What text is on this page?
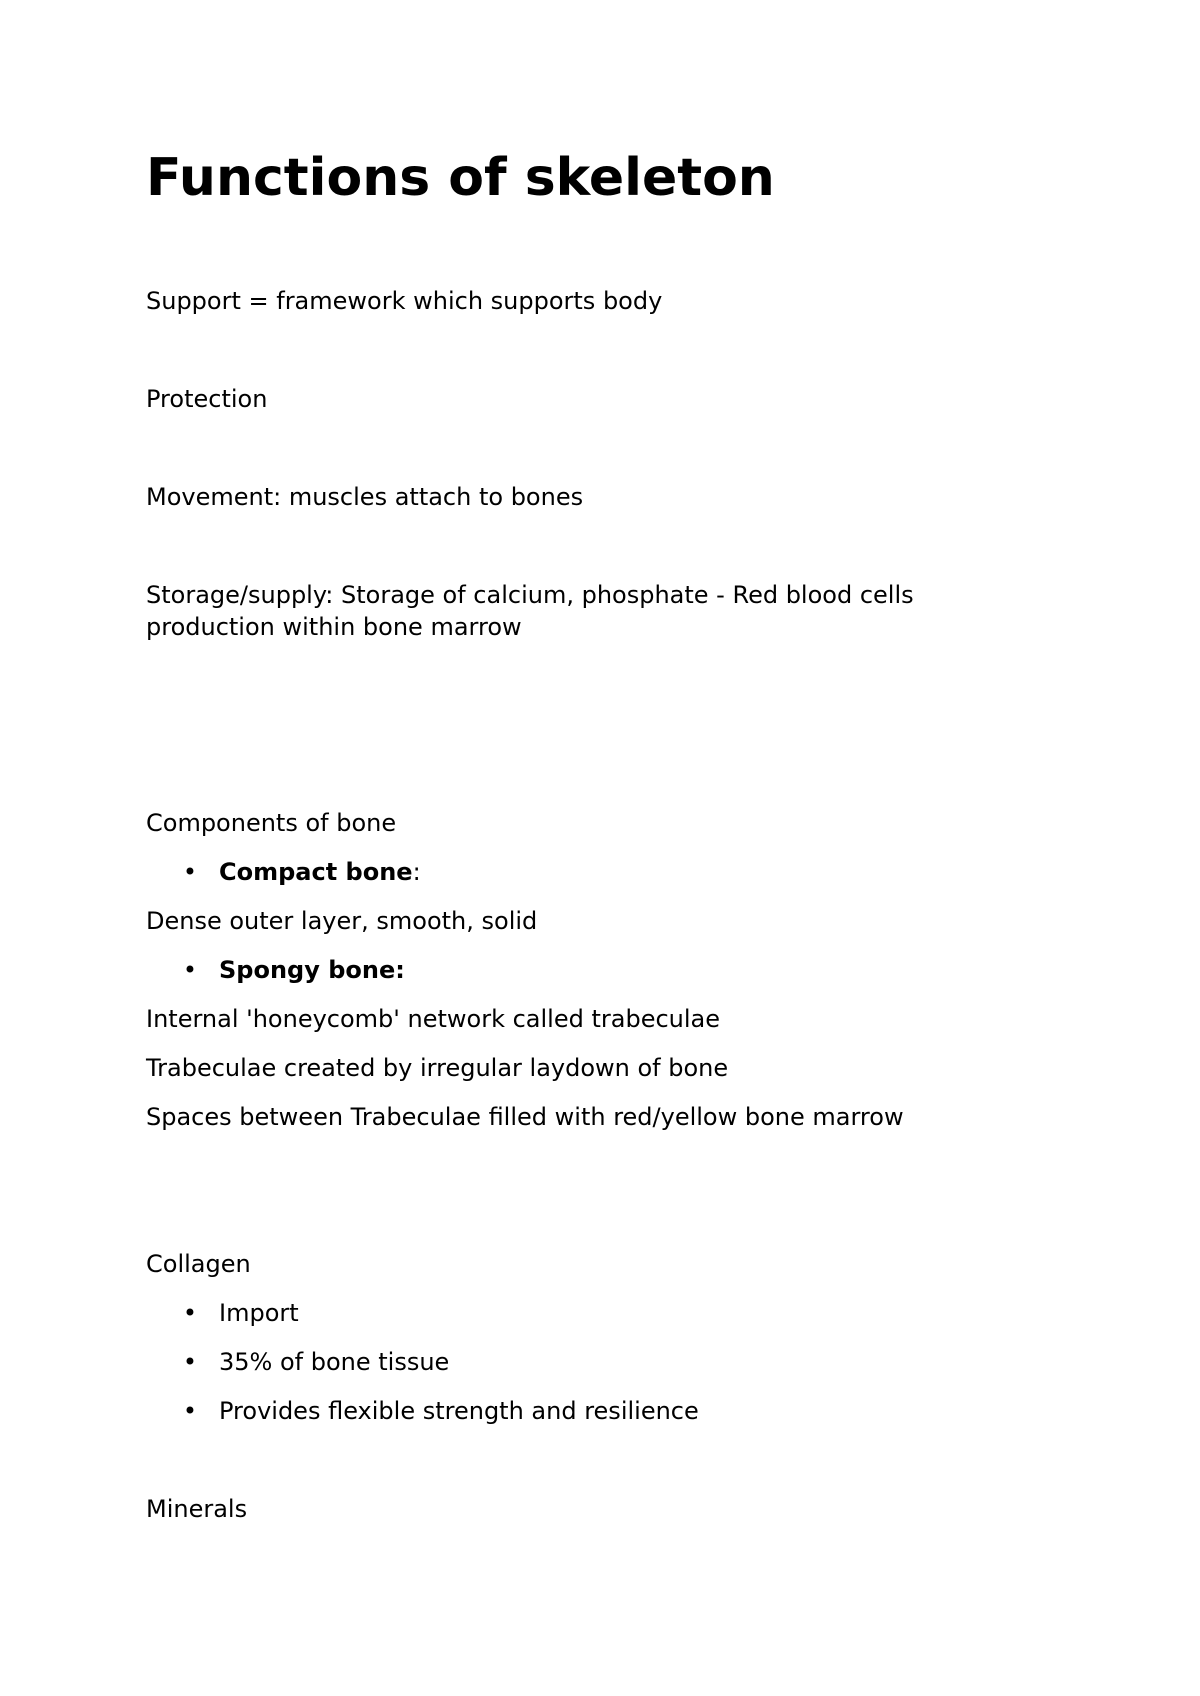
Functions of skeleton
Support = framework which supports body
Protection
Movement: muscles attach to bones
Storage/supply: Storage of calcium, phosphate - Red blood cells
production within bone marrow
Components of bone
• Compact bone:
Dense outer layer, smooth, solid
• Spongy bone:
Internal 'honeycomb' network called trabeculae
Trabeculae created by irregular laydown of bone
Spaces between Trabeculae filled with red/yellow bone marrow
Collagen
• Import
• 35% of bone tissue
• Provides flexible strength and resilience
Minerals
